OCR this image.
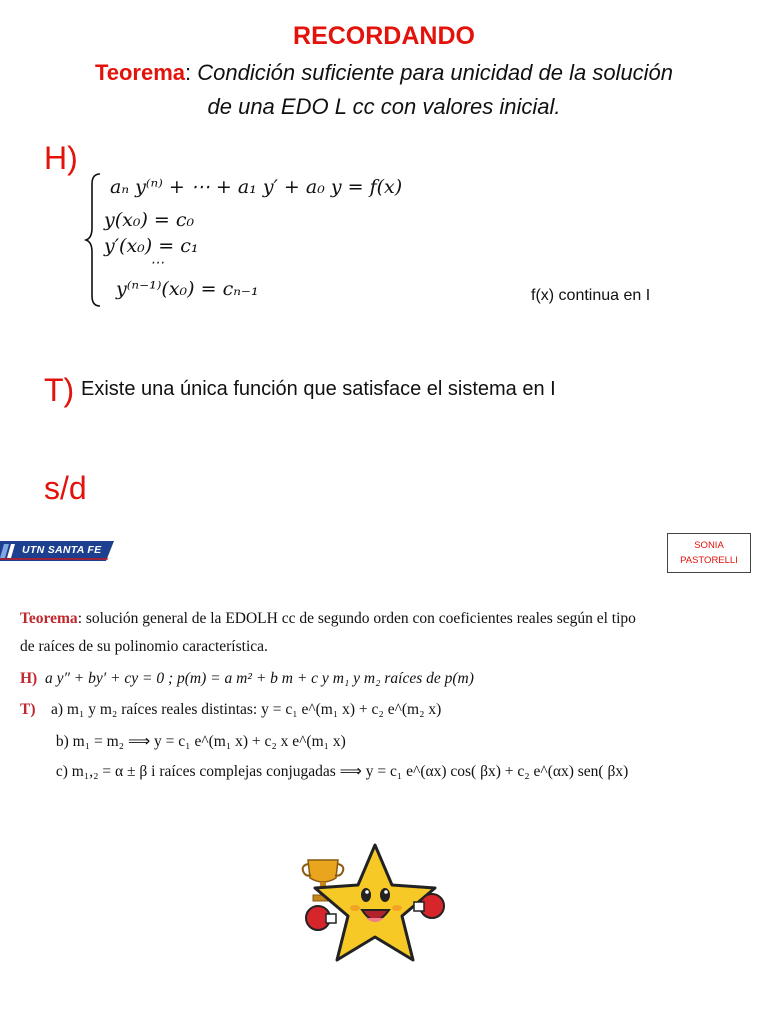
RECORDANDO
Teorema: Condición suficiente para unicidad de la solución
de una EDO L cc con valores inicial.
H)
aₙ y⁽ⁿ⁾ + ⋯ + a₁ y′ + a₀ y = f(x)
y(x₀) = c₀
y′(x₀) = c₁
⋯
y⁽ⁿ⁻¹⁾(x₀) = cₙ₋₁	f(x) continua en I
T) Existe una única función que satisface el sistema en I
s/d
UTN SANTA FE	SONIA
PASTORELLI
Teorema: solución general de la EDOLH cc de segundo orden con coeficientes reales según el tipo
de raíces de su polinomio característica.
H) a y″ + by′ + cy = 0 ; p(m) = a m² + b m + c y m₁ y m₂ raíces de p(m)
T) a) m₁ y m₂ raíces reales distintas: y = c₁ e^(m₁ x) + c₂ e^(m₂ x)
b) m₁ = m₂ ⟹ y = c₁ e^(m₁ x) + c₂ x e^(m₁ x)
c) m₁,₂ = α ± β i raíces complejas conjugadas ⟹ y = c₁ e^(αx) cos( βx) + c₂ e^(αx) sen( βx)
